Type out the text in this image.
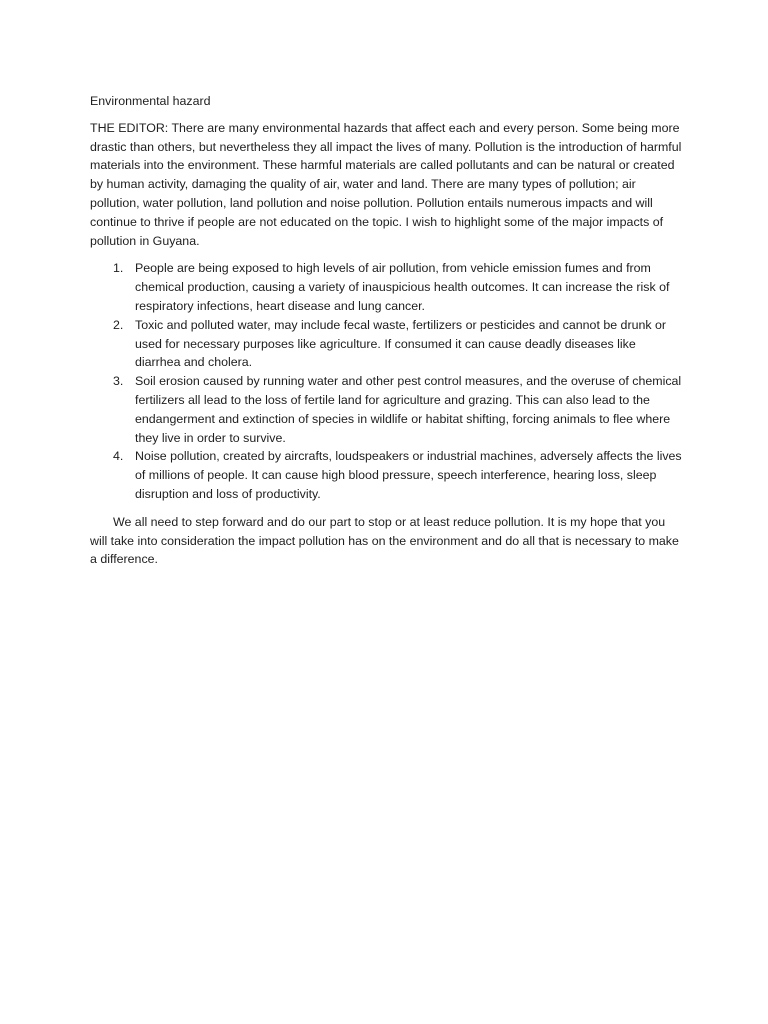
Environmental hazard

THE EDITOR: There are many environmental hazards that affect each and every person. Some being more drastic than others, but nevertheless they all impact the lives of many. Pollution is the introduction of harmful materials into the environment. These harmful materials are called pollutants and can be natural or created by human activity, damaging the quality of air, water and land. There are many types of pollution; air pollution, water pollution, land pollution and noise pollution. Pollution entails numerous impacts and will continue to thrive if people are not educated on the topic. I wish to highlight some of the major impacts of pollution in Guyana.

1. People are being exposed to high levels of air pollution, from vehicle emission fumes and from chemical production, causing a variety of inauspicious health outcomes. It can increase the risk of respiratory infections, heart disease and lung cancer.
2. Toxic and polluted water, may include fecal waste, fertilizers or pesticides and cannot be drunk or used for necessary purposes like agriculture. If consumed it can cause deadly diseases like diarrhea and cholera.
3. Soil erosion caused by running water and other pest control measures, and the overuse of chemical fertilizers all lead to the loss of fertile land for agriculture and grazing. This can also lead to the endangerment and extinction of species in wildlife or habitat shifting, forcing animals to flee where they live in order to survive.
4. Noise pollution, created by aircrafts, loudspeakers or industrial machines, adversely affects the lives of millions of people. It can cause high blood pressure, speech interference, hearing loss, sleep disruption and loss of productivity.

We all need to step forward and do our part to stop or at least reduce pollution. It is my hope that you will take into consideration the impact pollution has on the environment and do all that is necessary to make a difference.
